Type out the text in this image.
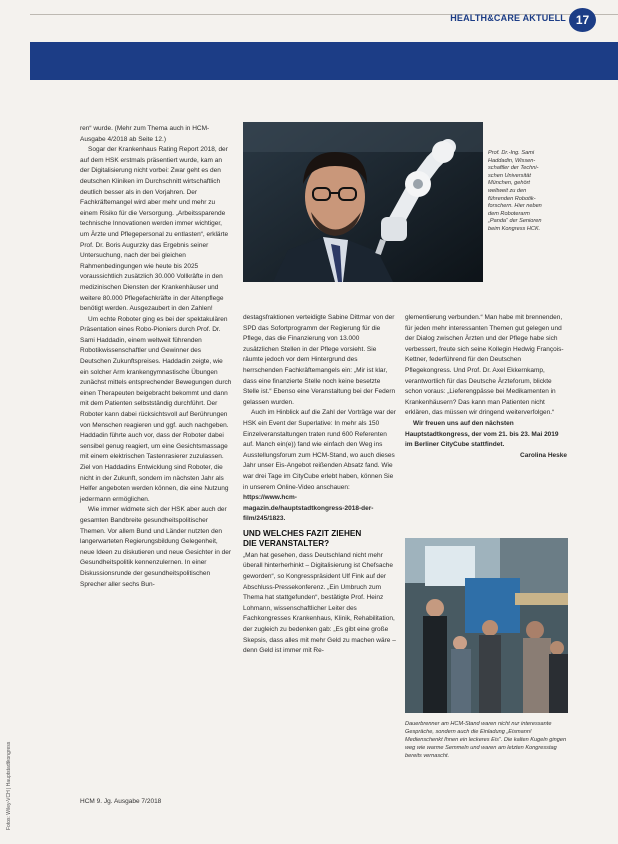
HEALTH&CARE AKTUELL 17
Prof. Dr.-Ing. Sami
Haddadin, Wissen-
schaftler der Techni-
schen Universität
München, gehört
weltweit zu den
führenden Robotik-
forschern. Hier neben
dem Roboterarm
„Panda“ der Senioren
beim Kongress HCK.

ren“ wurde. (Mehr zum Thema auch in HCM-Ausgabe 4/2018 ab Seite 12.)

Sogar der Krankenhaus Rating Report 2018, der auf dem HSK erstmals präsentiert wurde, kam an der Digitalisierung nicht vorbei: Zwar geht es den deutschen Kliniken im Durchschnitt wirtschaftlich deutlich besser als in den Vorjahren. Der Fachkräftemangel wird aber mehr und mehr zu einem Risiko für die Versorgung. „Arbeitssparende technische Innovationen werden immer wichtiger, um Ärzte und Pflegepersonal zu entlasten“, erklärte Prof. Dr. Boris Augurzky das Ergebnis seiner Untersuchung, nach der bei gleichen Rahmenbedingungen wie heute bis 2025 voraussichtlich zusätzlich 30.000 Vollkräfte in den medizinischen Diensten der Krankenhäuser und weitere 80.000 Pflegefachkräfte in der Altenpflege benötigt werden. Ausgezaubert in den Zahlen!

Um echte Roboter ging es bei der spektakulären Präsentation eines Robo-Pioniers durch Prof. Dr. Sami Haddadin, einem weltweit führenden Robotikwissenschaftler und Gewinner des Deutschen Zukunftspreises. Haddadin zeigte, wie ein solcher Arm krankengymnastische Übungen zunächst mittels entsprechender Bewegungen durch einen Therapeuten beigebracht bekommt und dann mit dem Patienten selbstständig durchführt. Der Roboter kann dabei rücksichtsvoll auf Berührungen von Menschen reagieren und ggf. auch nachgeben. Haddadin führte auch vor, dass der Roboter dabei sensibel genug reagiert, um eine Gesichtsmassage mit einem elektrischen Tastenrasierer zuzulassen. Ziel von Haddadins Entwicklung sind Roboter, die nicht in der Zukunft, sondern im nächsten Jahr als Helfer angeboten werden können, die eine Nutzung jedermann ermöglichen.

Wie immer widmete sich der HSK aber auch der gesamten Bandbreite gesundheitspolitischer Themen. Vor allem Bund und Länder nutzten den langerwarteten Regierungsbildung Gelegenheit, neue Ideen zu diskutieren und neue Gesichter in der Gesundheitspolitik kennenzulernen. In einer Diskussionsrunde der gesundheitspolitischen Sprecher aller sechs Bun-

destagsfraktionen verteidigte Sabine Dittmar von der SPD das Sofortprogramm der Regierung für die Pflege, das die Finanzierung von 13.000 zusätzlichen Stellen in der Pflege vorsieht. Sie räumte jedoch vor dem Hintergrund des herrschenden Fachkräftemangels ein: „Mir ist klar, dass eine finanzierte Stelle noch keine besetzte Stelle ist.“ Ebenso eine Veranstaltung bei der Federn gelassen wurden.

Auch im Hinblick auf die Zahl der Vorträge war der HSK ein Event der Superlative: In mehr als 150 Einzelveranstaltungen traten rund 600 Referenten auf. Manch ein(e)) fand wie einfach den Weg ins Ausstellungsforum zum HCM-Stand, wo auch dieses Jahr unser Eis-Angebot reißenden Absatz fand. Wie war drei Tage im CityCube erlebt haben, können Sie in unserem Online-Video anschauen:

https://www.hcm-magazin.de/hauptstadtkongress-2018-der-film/245/1823.

UND WELCHES FAZIT ZIEHEN
DIE VERANSTALTER?

„Man hat gesehen, dass Deutschland nicht mehr überall hinterherhinkt – Digitalisierung ist Chefsache geworden“, so Kongresspräsident Ulf Fink auf der Abschluss-Pressekonferenz. „Ein Umbruch zum Thema hat stattgefunden“, bestätigte Prof. Heinz Lohmann, wissenschaftlicher Leiter des Fachkongresses Krankenhaus, Klinik, Rehabilitation, der zugleich zu bedenken gab: „Es gibt eine große Skepsis, dass alles mit mehr Geld zu machen wäre – denn Geld ist immer mit Re-

glementierung verbunden.“ Man habe mit brennenden, für jeden mehr interessanten Themen gut gelegen und der Dialog zwischen Ärzten und der Pflege habe sich verbessert, freute sich seine Kollegin Hedwig François-Kettner, federführend für den Deutschen Pflegekongress. Und Prof. Dr. Axel Ekkernkamp, verantwortlich für das Deutsche Ärzteforum, blickte schon voraus: „Lieferengpässe bei Medikamenten in Krankenhäusern? Das kann man Patienten nicht erklären, das müssen wir dringend weiterverfolgen.“

Wir freuen uns auf den nächsten Hauptstadtkongress, der vom 21. bis 23. Mai 2019 im Berliner CityCube stattfindet.

Carolina Heske

Dauerbrenner am HCM-Stand waren nicht nur interessante Gespräche, sondern auch die Einladung „Eismann! Medienschenkt Ihnen ein leckeres Eis“. Die kalten Kugeln gingen weg wie warme Semmeln und waren am letzten Kongresstag bereits vernascht.
HCM 9. Jg. Ausgabe 7/2018
Fotos: Wiley-VCH | Hauptstadtkongress
